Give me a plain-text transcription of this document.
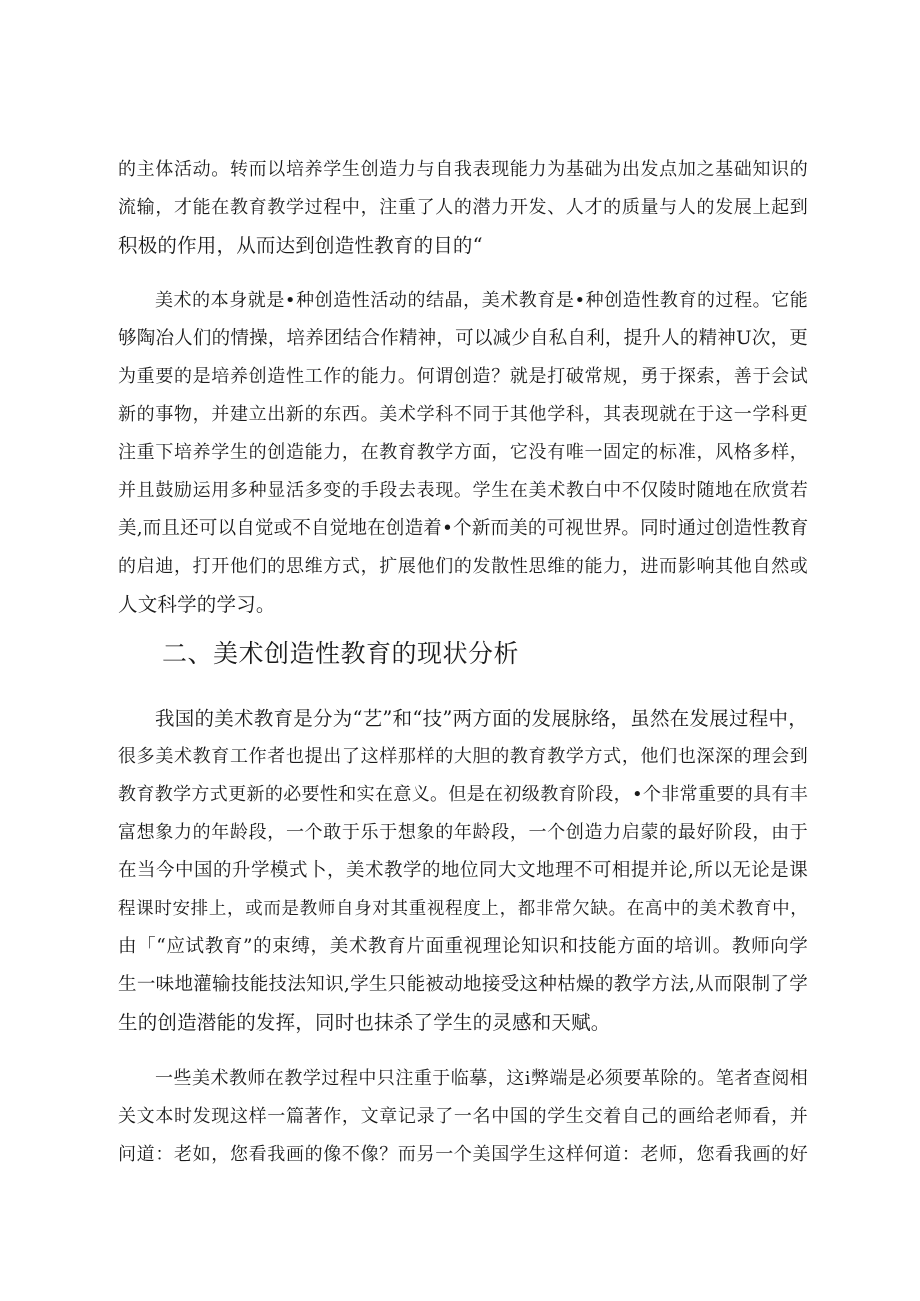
的主体活动。转而以培养学生创造力与自我表现能力为基础为出发点加之基础知识的
流输，才能在教育教学过程中，注重了人的潜力开发、人才的质量与人的发展上起到
积极的作用，从而达到创造性教育的目的“
美术的本身就是•种创造性活动的结晶，美术教育是•种创造性教育的过程。它能
够陶冶人们的情操，培养团结合作精神，可以减少自私自利，提升人的精神U次，更
为重要的是培养创造性工作的能力。何谓创造？就是打破常规，勇于探索，善于会试
新的事物，并建立出新的东西。美术学科不同于其他学科，其表现就在于这一学科更
注重下培养学生的创造能力，在教育教学方面，它没有唯一固定的标准，风格多样，
并且鼓励运用多种显活多变的手段去表现。学生在美术教白中不仅陵时随地在欣赏若
美,而且还可以自觉或不自觉地在创造着•个新而美的可视世界。同时通过创造性教育
的启迪，打开他们的思维方式，扩展他们的发散性思维的能力，进而影响其他自然或
人文科学的学习。
二、美术创造性教育的现状分析
我国的美术教育是分为“艺”和“技”两方面的发展脉络，虽然在发展过程中，
很多美术教育工作者也提出了这样那样的大胆的教育教学方式，他们也深深的理会到
教育教学方式更新的必要性和实在意义。但是在初级教育阶段，•个非常重要的具有丰
富想象力的年龄段，一个敢于乐于想象的年龄段，一个创造力启蒙的最好阶段，由于
在当今中国的升学模式卜，美术教学的地位同大文地理不可相提并论,所以无论是课
程课时安排上，或而是教师自身对其重视程度上，都非常欠缺。在高中的美术教育中，
由「“应试教育”的束缚，美术教育片面重视理论知识和技能方面的培训。教师向学
生一味地灌输技能技法知识,学生只能被动地接受这种枯燥的教学方法,从而限制了学
生的创造潜能的发挥，同时也抹杀了学生的灵感和天赋。
一些美术教师在教学过程中只注重于临摹，这i弊端是必须要革除的。笔者查阅相
关文本时发现这样一篇著作，文章记录了一名中国的学生交着自己的画给老师看，并
问道：老如，您看我画的像不像？而另一个美国学生这样何道：老师，您看我画的好
